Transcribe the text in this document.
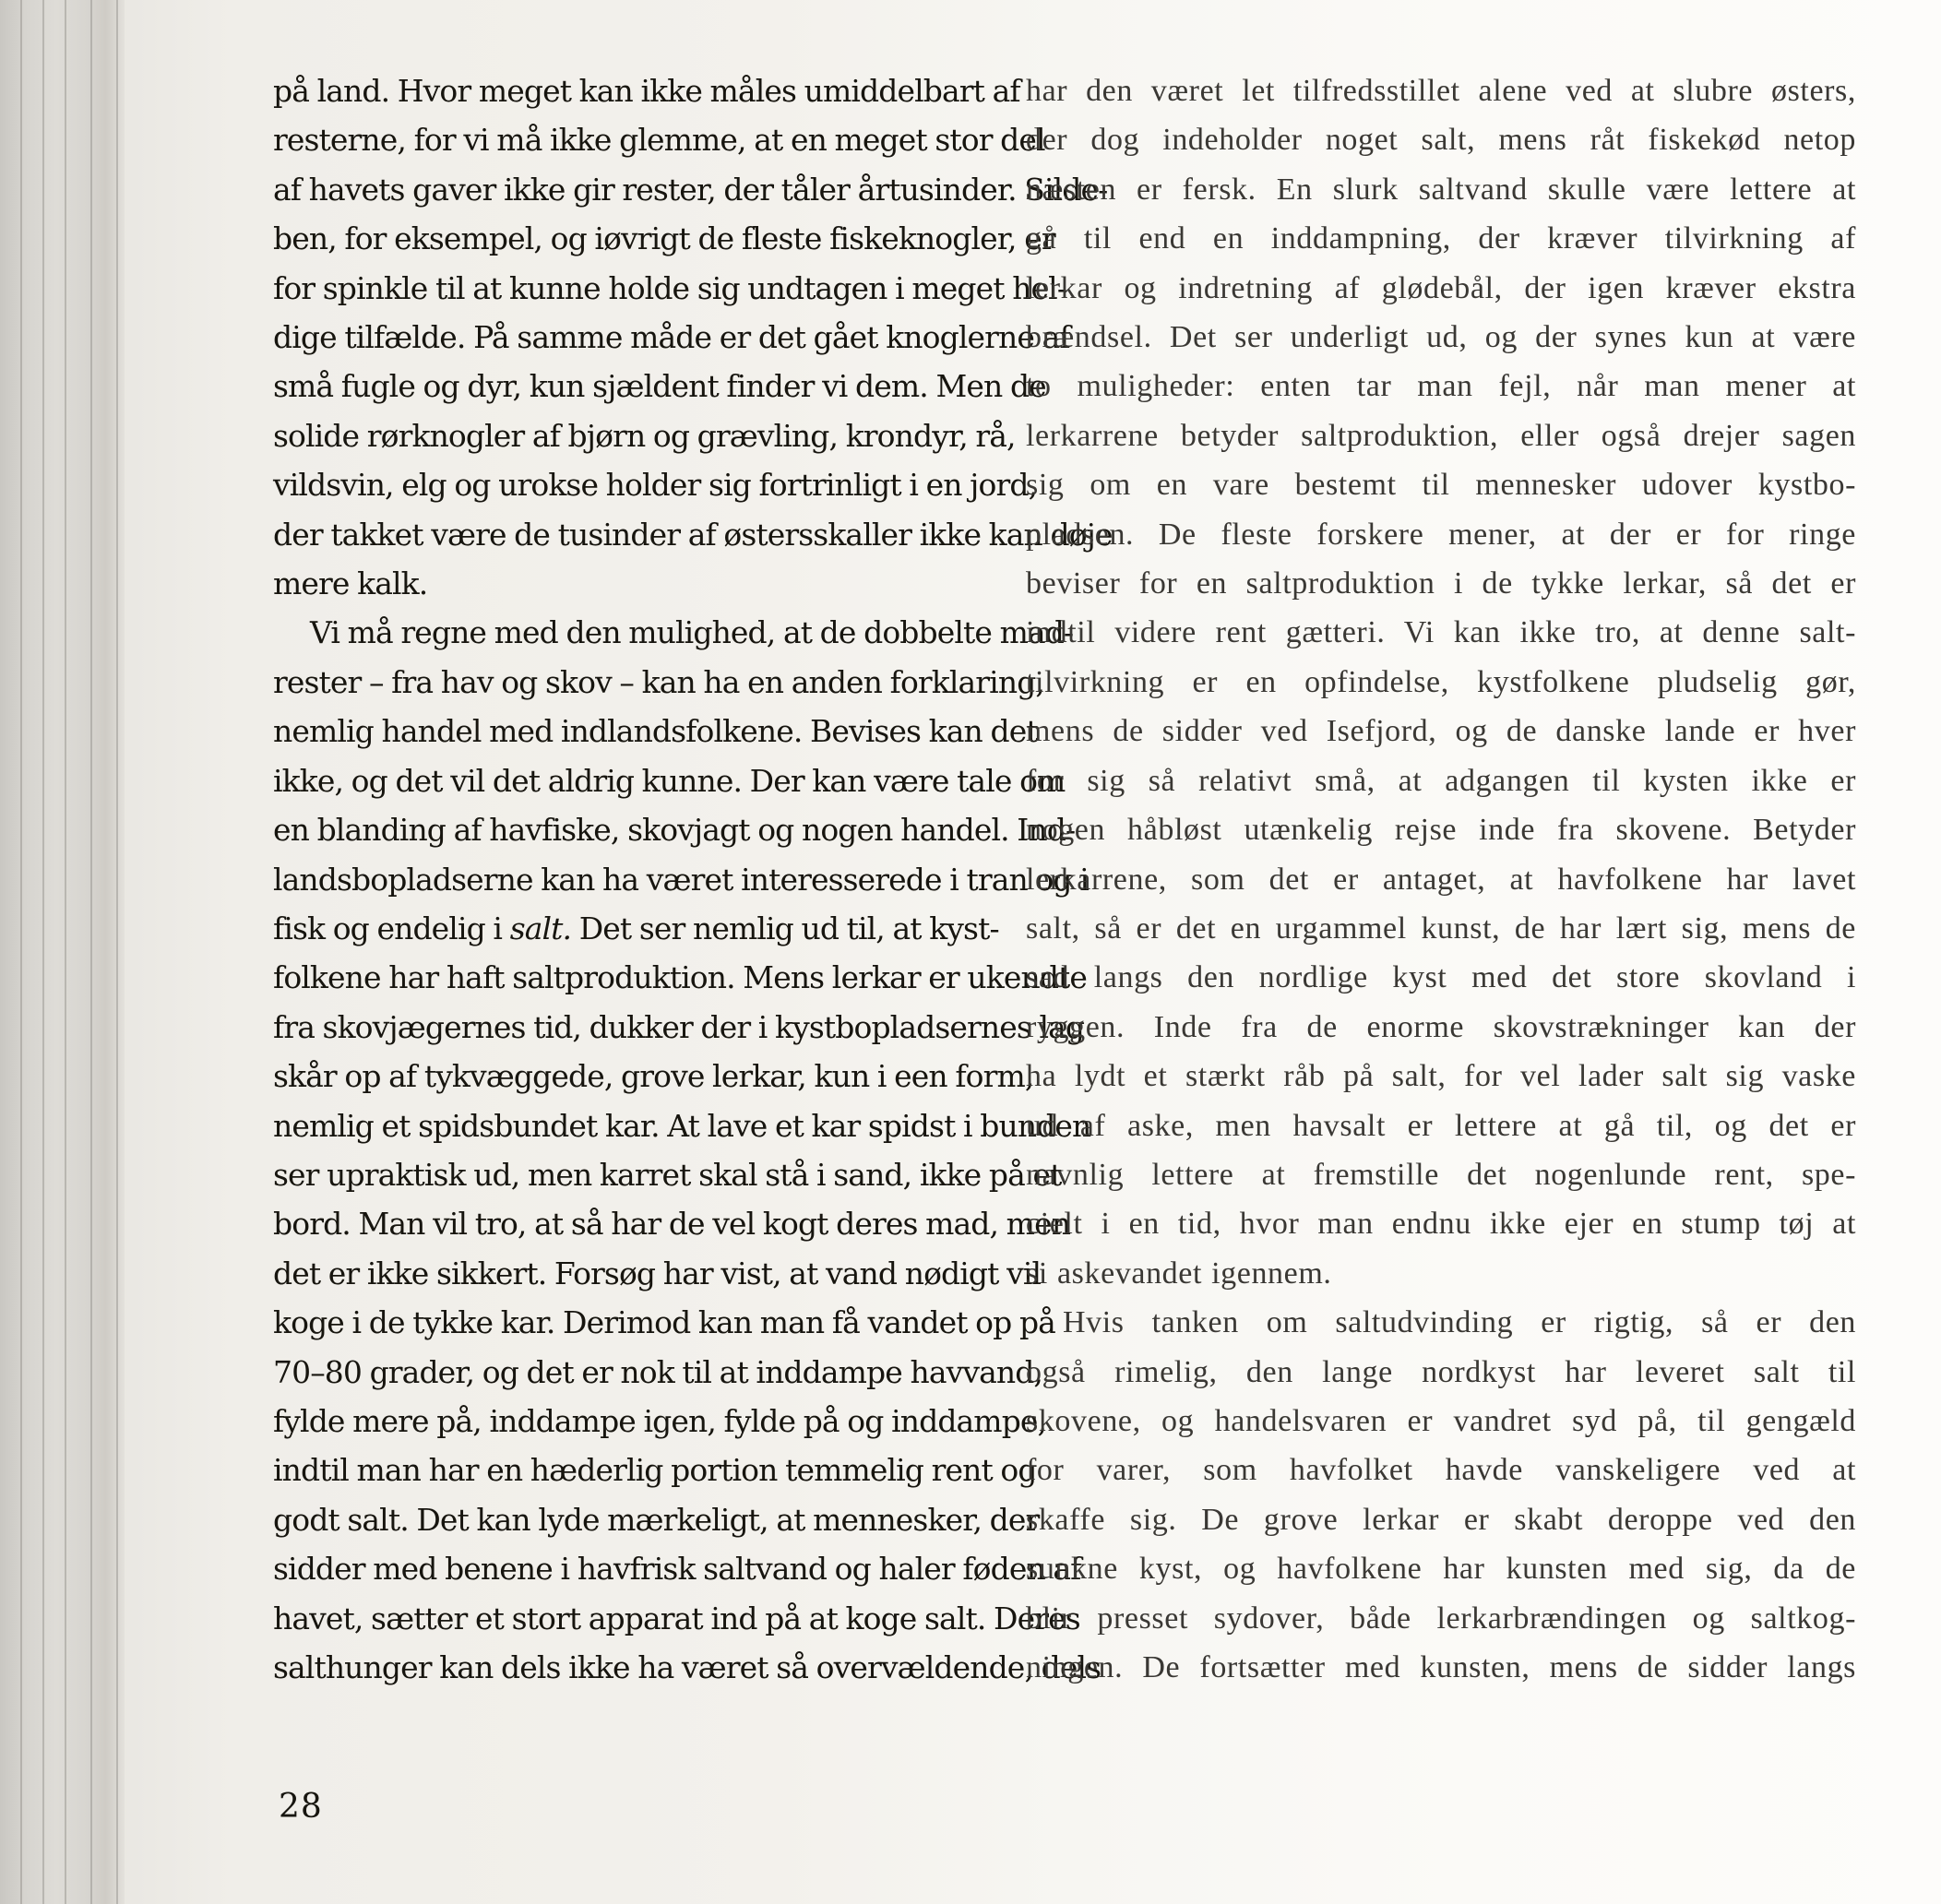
på land. Hvor meget kan ikke måles umiddelbart af
resterne, for vi må ikke glemme, at en meget stor del
af havets gaver ikke gir rester, der tåler årtusinder. Silde-
ben, for eksempel, og iøvrigt de fleste fiskeknogler, er
for spinkle til at kunne holde sig undtagen i meget hel-
dige tilfælde. På samme måde er det gået knoglerne af
små fugle og dyr, kun sjældent finder vi dem. Men de
solide rørknogler af bjørn og grævling, krondyr, rå,
vildsvin, elg og urokse holder sig fortrinligt i en jord,
der takket være de tusinder af østersskaller ikke kan døje
mere kalk.

Vi må regne med den mulighed, at de dobbelte mad-
rester – fra hav og skov – kan ha en anden forklaring,
nemlig handel med indlandsfolkene. Bevises kan det
ikke, og det vil det aldrig kunne. Der kan være tale om
en blanding af havfiske, skovjagt og nogen handel. Ind-
landsbopladserne kan ha været interesserede i tran og i
fisk og endelig i salt. Det ser nemlig ud til, at kyst-
folkene har haft saltproduktion. Mens lerkar er ukendte
fra skovjægernes tid, dukker der i kystbopladsernes lag
skår op af tykvæggede, grove lerkar, kun i een form,
nemlig et spidsbundet kar. At lave et kar spidst i bunden
ser upraktisk ud, men karret skal stå i sand, ikke på et
bord. Man vil tro, at så har de vel kogt deres mad, men
det er ikke sikkert. Forsøg har vist, at vand nødigt vil
koge i de tykke kar. Derimod kan man få vandet op på
70–80 grader, og det er nok til at inddampe havvand,
fylde mere på, inddampe igen, fylde på og inddampe,
indtil man har en hæderlig portion temmelig rent og
godt salt. Det kan lyde mærkeligt, at mennesker, der
sidder med benene i havfrisk saltvand og haler føden af
havet, sætter et stort apparat ind på at koge salt. Deres
salthunger kan dels ikke ha været så overvældende, dels

28

har den været let tilfredsstillet alene ved at slubre østers,
der dog indeholder noget salt, mens råt fiskekød netop
næsten er fersk. En slurk saltvand skulle være lettere at
gå til end en inddampning, der kræver tilvirkning af
lerkar og indretning af glødebål, der igen kræver ekstra
brændsel. Det ser underligt ud, og der synes kun at være
to muligheder: enten tar man fejl, når man mener at
lerkarrene betyder saltproduktion, eller også drejer sagen
sig om en vare bestemt til mennesker udover kystbo-
pladsen. De fleste forskere mener, at der er for ringe
beviser for en saltproduktion i de tykke lerkar, så det er
indtil videre rent gætteri. Vi kan ikke tro, at denne salt-
tilvirkning er en opfindelse, kystfolkene pludselig gør,
mens de sidder ved Isefjord, og de danske lande er hver
for sig så relativt små, at adgangen til kysten ikke er
nogen håbløst utænkelig rejse inde fra skovene. Betyder
lerkarrene, som det er antaget, at havfolkene har lavet
salt, så er det en urgammel kunst, de har lært sig, mens de
sad langs den nordlige kyst med det store skovland i
ryggen. Inde fra de enorme skovstrækninger kan der
ha lydt et stærkt råb på salt, for vel lader salt sig vaske
ud af aske, men havsalt er lettere at gå til, og det er
navnlig lettere at fremstille det nogenlunde rent, spe-
cielt i en tid, hvor man endnu ikke ejer en stump tøj at
si askevandet igennem.

Hvis tanken om saltudvinding er rigtig, så er den
også rimelig, den lange nordkyst har leveret salt til
skovene, og handelsvaren er vandret syd på, til gengæld
for varer, som havfolket havde vanskeligere ved at
skaffe sig. De grove lerkar er skabt deroppe ved den
sunkne kyst, og havfolkene har kunsten med sig, da de
blir presset sydover, både lerkarbrændingen og saltkog-
ningen. De fortsætter med kunsten, mens de sidder langs
